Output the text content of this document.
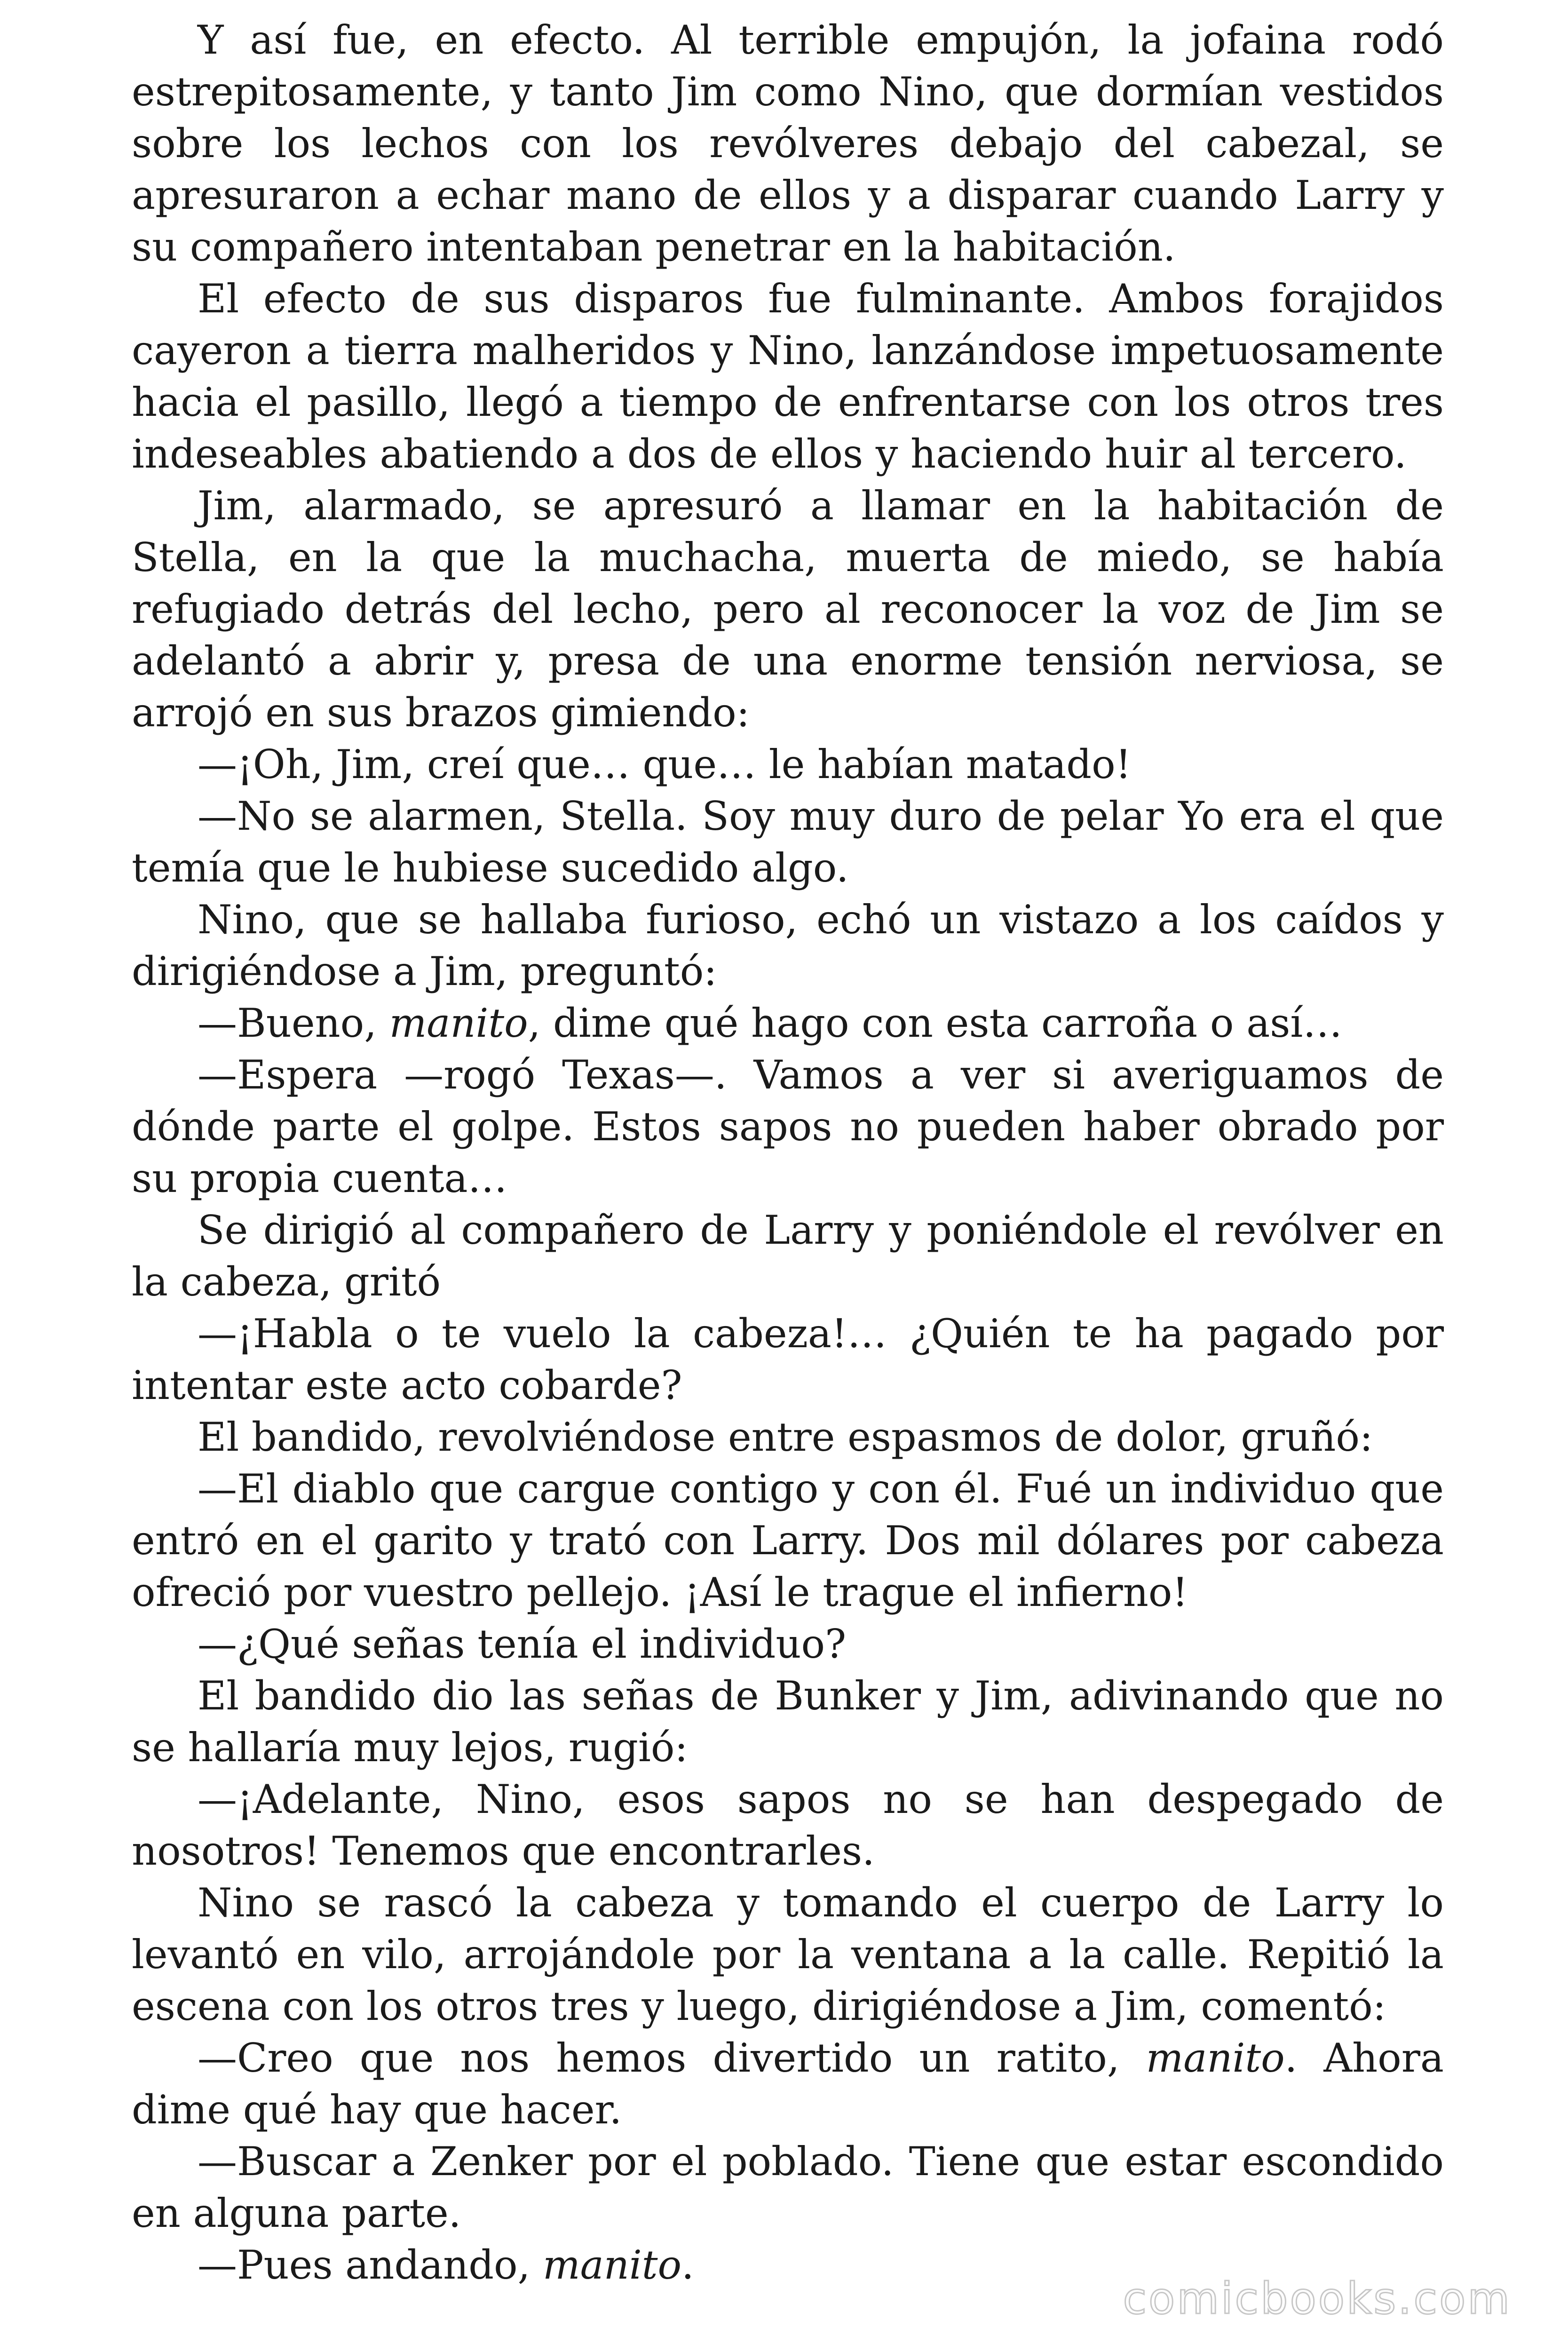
Y así fue, en efecto. Al terrible empujón, la jofaina rodó estrepitosamente, y tanto Jim como Nino, que dormían vestidos sobre los lechos con los revólveres debajo del cabezal, se apresuraron a echar mano de ellos y a disparar cuando Larry y su compañero intentaban penetrar en la habitación.

El efecto de sus disparos fue fulminante. Ambos forajidos cayeron a tierra malheridos y Nino, lanzándose impetuosamente hacia el pasillo, llegó a tiempo de enfrentarse con los otros tres indeseables abatiendo a dos de ellos y haciendo huir al tercero.

Jim, alarmado, se apresuró a llamar en la habitación de Stella, en la que la muchacha, muerta de miedo, se había refugiado detrás del lecho, pero al reconocer la voz de Jim se adelantó a abrir y, presa de una enorme tensión nerviosa, se arrojó en sus brazos gimiendo:

—¡Oh, Jim, creí que… que… le habían matado!

—No se alarmen, Stella. Soy muy duro de pelar Yo era el que temía que le hubiese sucedido algo.

Nino, que se hallaba furioso, echó un vistazo a los caídos y dirigiéndose a Jim, preguntó:

—Bueno, manito, dime qué hago con esta carroña o así…

—Espera —rogó Texas—. Vamos a ver si averiguamos de dónde parte el golpe. Estos sapos no pueden haber obrado por su propia cuenta…

Se dirigió al compañero de Larry y poniéndole el revólver en la cabeza, gritó

—¡Habla o te vuelo la cabeza!… ¿Quién te ha pagado por intentar este acto cobarde?

El bandido, revolviéndose entre espasmos de dolor, gruñó:

—El diablo que cargue contigo y con él. Fué un individuo que entró en el garito y trató con Larry. Dos mil dólares por cabeza ofreció por vuestro pellejo. ¡Así le trague el infierno!

—¿Qué señas tenía el individuo?

El bandido dio las señas de Bunker y Jim, adivinando que no se hallaría muy lejos, rugió:

—¡Adelante, Nino, esos sapos no se han despegado de nosotros! Tenemos que encontrarles.

Nino se rascó la cabeza y tomando el cuerpo de Larry lo levantó en vilo, arrojándole por la ventana a la calle. Repitió la escena con los otros tres y luego, dirigiéndose a Jim, comentó:

—Creo que nos hemos divertido un ratito, manito. Ahora dime qué hay que hacer.

—Buscar a Zenker por el poblado. Tiene que estar escondido en alguna parte.

—Pues andando, manito.

comicbooks.com
